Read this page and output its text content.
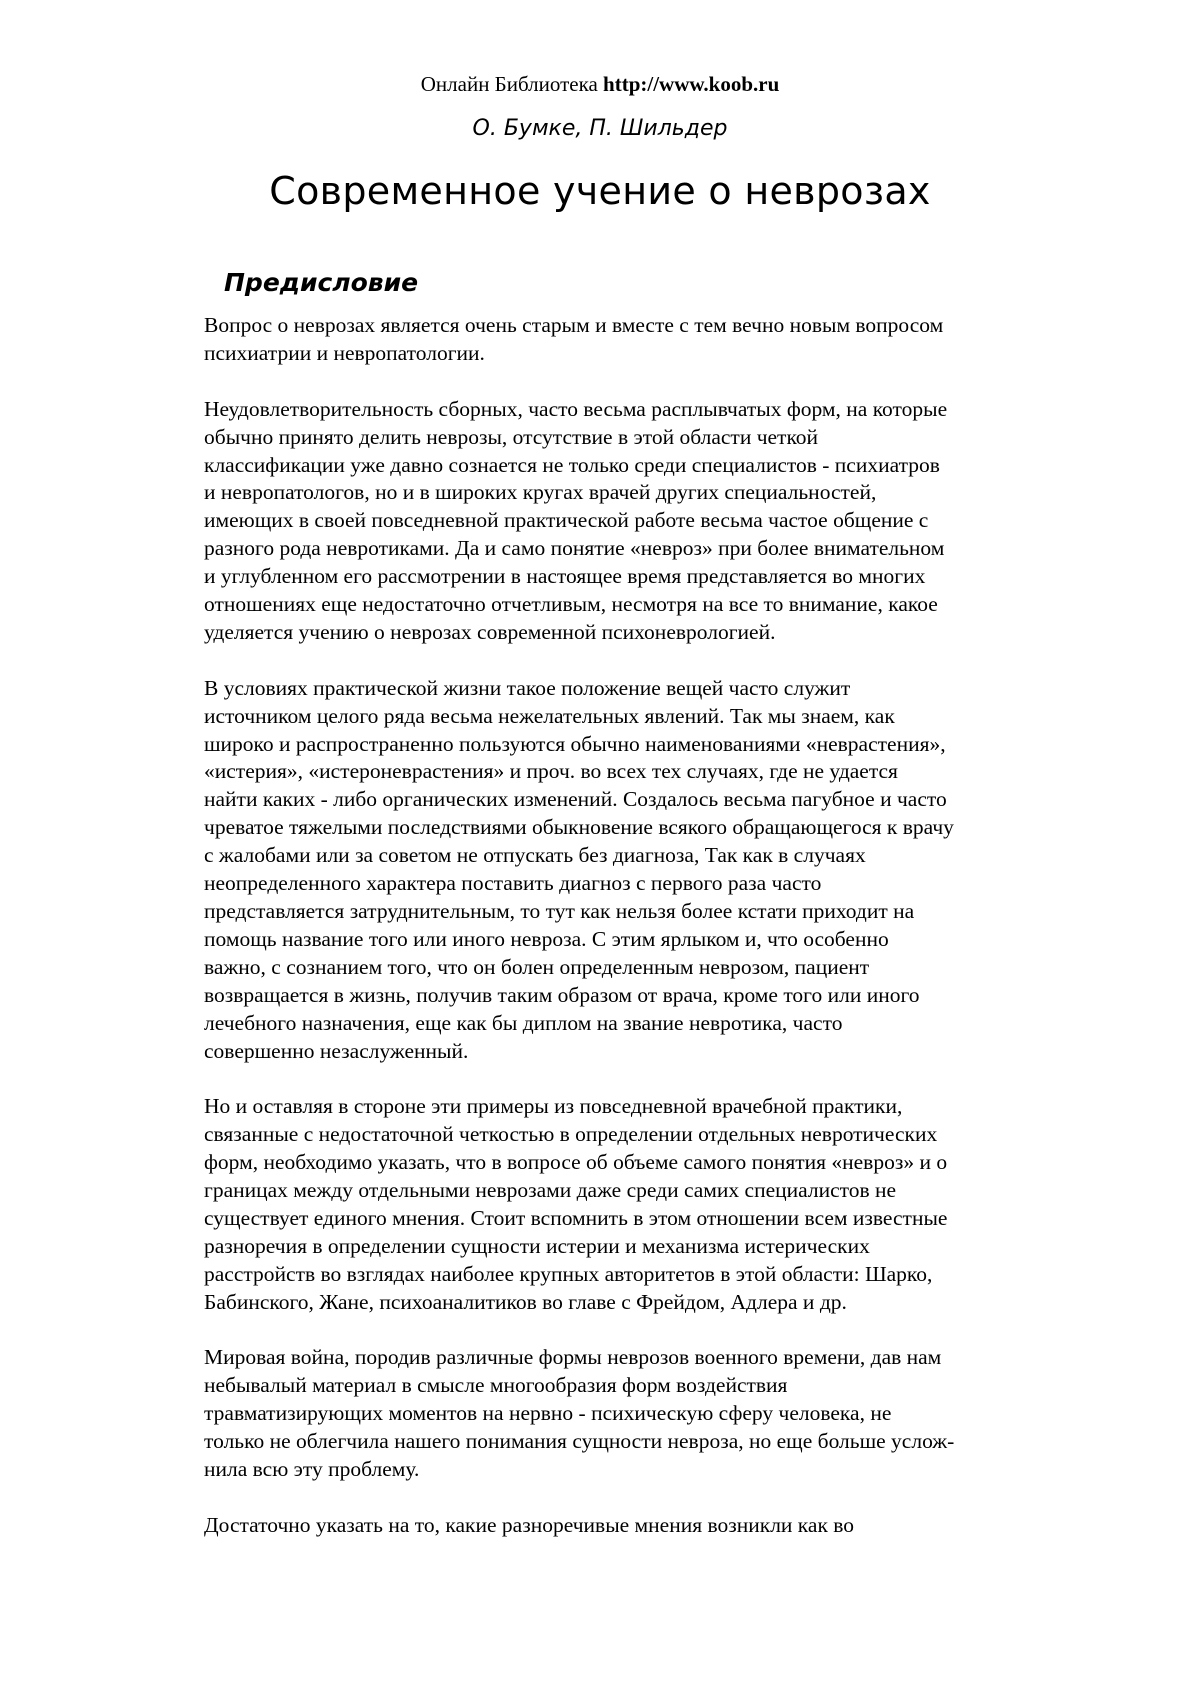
Онлайн Библиотека http://www.koob.ru
О. Бумке, П. Шильдер
Современное учение о неврозах
Предисловие
Вопрос о неврозах является очень старым и вместе с тем вечно новым вопросом
психиатрии и невропатологии.
Неудовлетворительность сборных, часто весьма расплывчатых форм, на которые
обычно принято делить неврозы, отсутствие в этой области четкой
классификации уже давно сознается не только среди специалистов - психиатров
и невропатологов, но и в широких кругах врачей других специальностей,
имеющих в своей повседневной практической работе весьма частое общение с
разного рода невротиками. Да и само понятие «невроз» при более внимательном
и углубленном его рассмотрении в настоящее время представляется во многих
отношениях еще недостаточно отчетливым, несмотря на все то внимание, какое
уделяется учению о неврозах современной психоневрологией.
В условиях практической жизни такое положение вещей часто служит
источником целого ряда весьма нежелательных явлений. Так мы знаем, как
широко и распространенно пользуются обычно наименованиями «неврастения»,
«истерия», «истероневрастения» и проч. во всех тех случаях, где не удается
найти каких - либо органических изменений. Создалось весьма пагубное и часто
чреватое тяжелыми последствиями обыкновение всякого обращающегося к врачу
с жалобами или за советом не отпускать без диагноза, Так как в случаях
неопределенного характера поставить диагноз с первого раза часто
представляется затруднительным, то тут как нельзя более кстати приходит на
помощь название того или иного невроза. С этим ярлыком и, что особенно
важно, с сознанием того, что он болен определенным неврозом, пациент
возвращается в жизнь, получив таким образом от врача, кроме того или иного
лечебного назначения, еще как бы диплом на звание невротика, часто
совершенно незаслуженный.
Но и оставляя в стороне эти примеры из повседневной врачебной практики,
связанные с недостаточной четкостью в определении отдельных невротических
форм, необходимо указать, что в вопросе об объеме самого понятия «невроз» и о
границах между отдельными неврозами даже среди самих специалистов не
существует единого мнения. Стоит вспомнить в этом отношении всем известные
разноречия в определении сущности истерии и механизма истерических
расстройств во взглядах наиболее крупных авторитетов в этой области: Шарко,
Бабинского, Жане, психоаналитиков во главе с Фрейдом, Адлера и др.
Мировая война, породив различные формы неврозов военного времени, дав нам
небывалый материал в смысле многообразия форм воздействия
травматизирующих моментов на нервно - психическую сферу человека, не
только не облегчила нашего понимания сущности невроза, но еще больше услож-
нила всю эту проблему.
Достаточно указать на то, какие разноречивые мнения возникли как во
